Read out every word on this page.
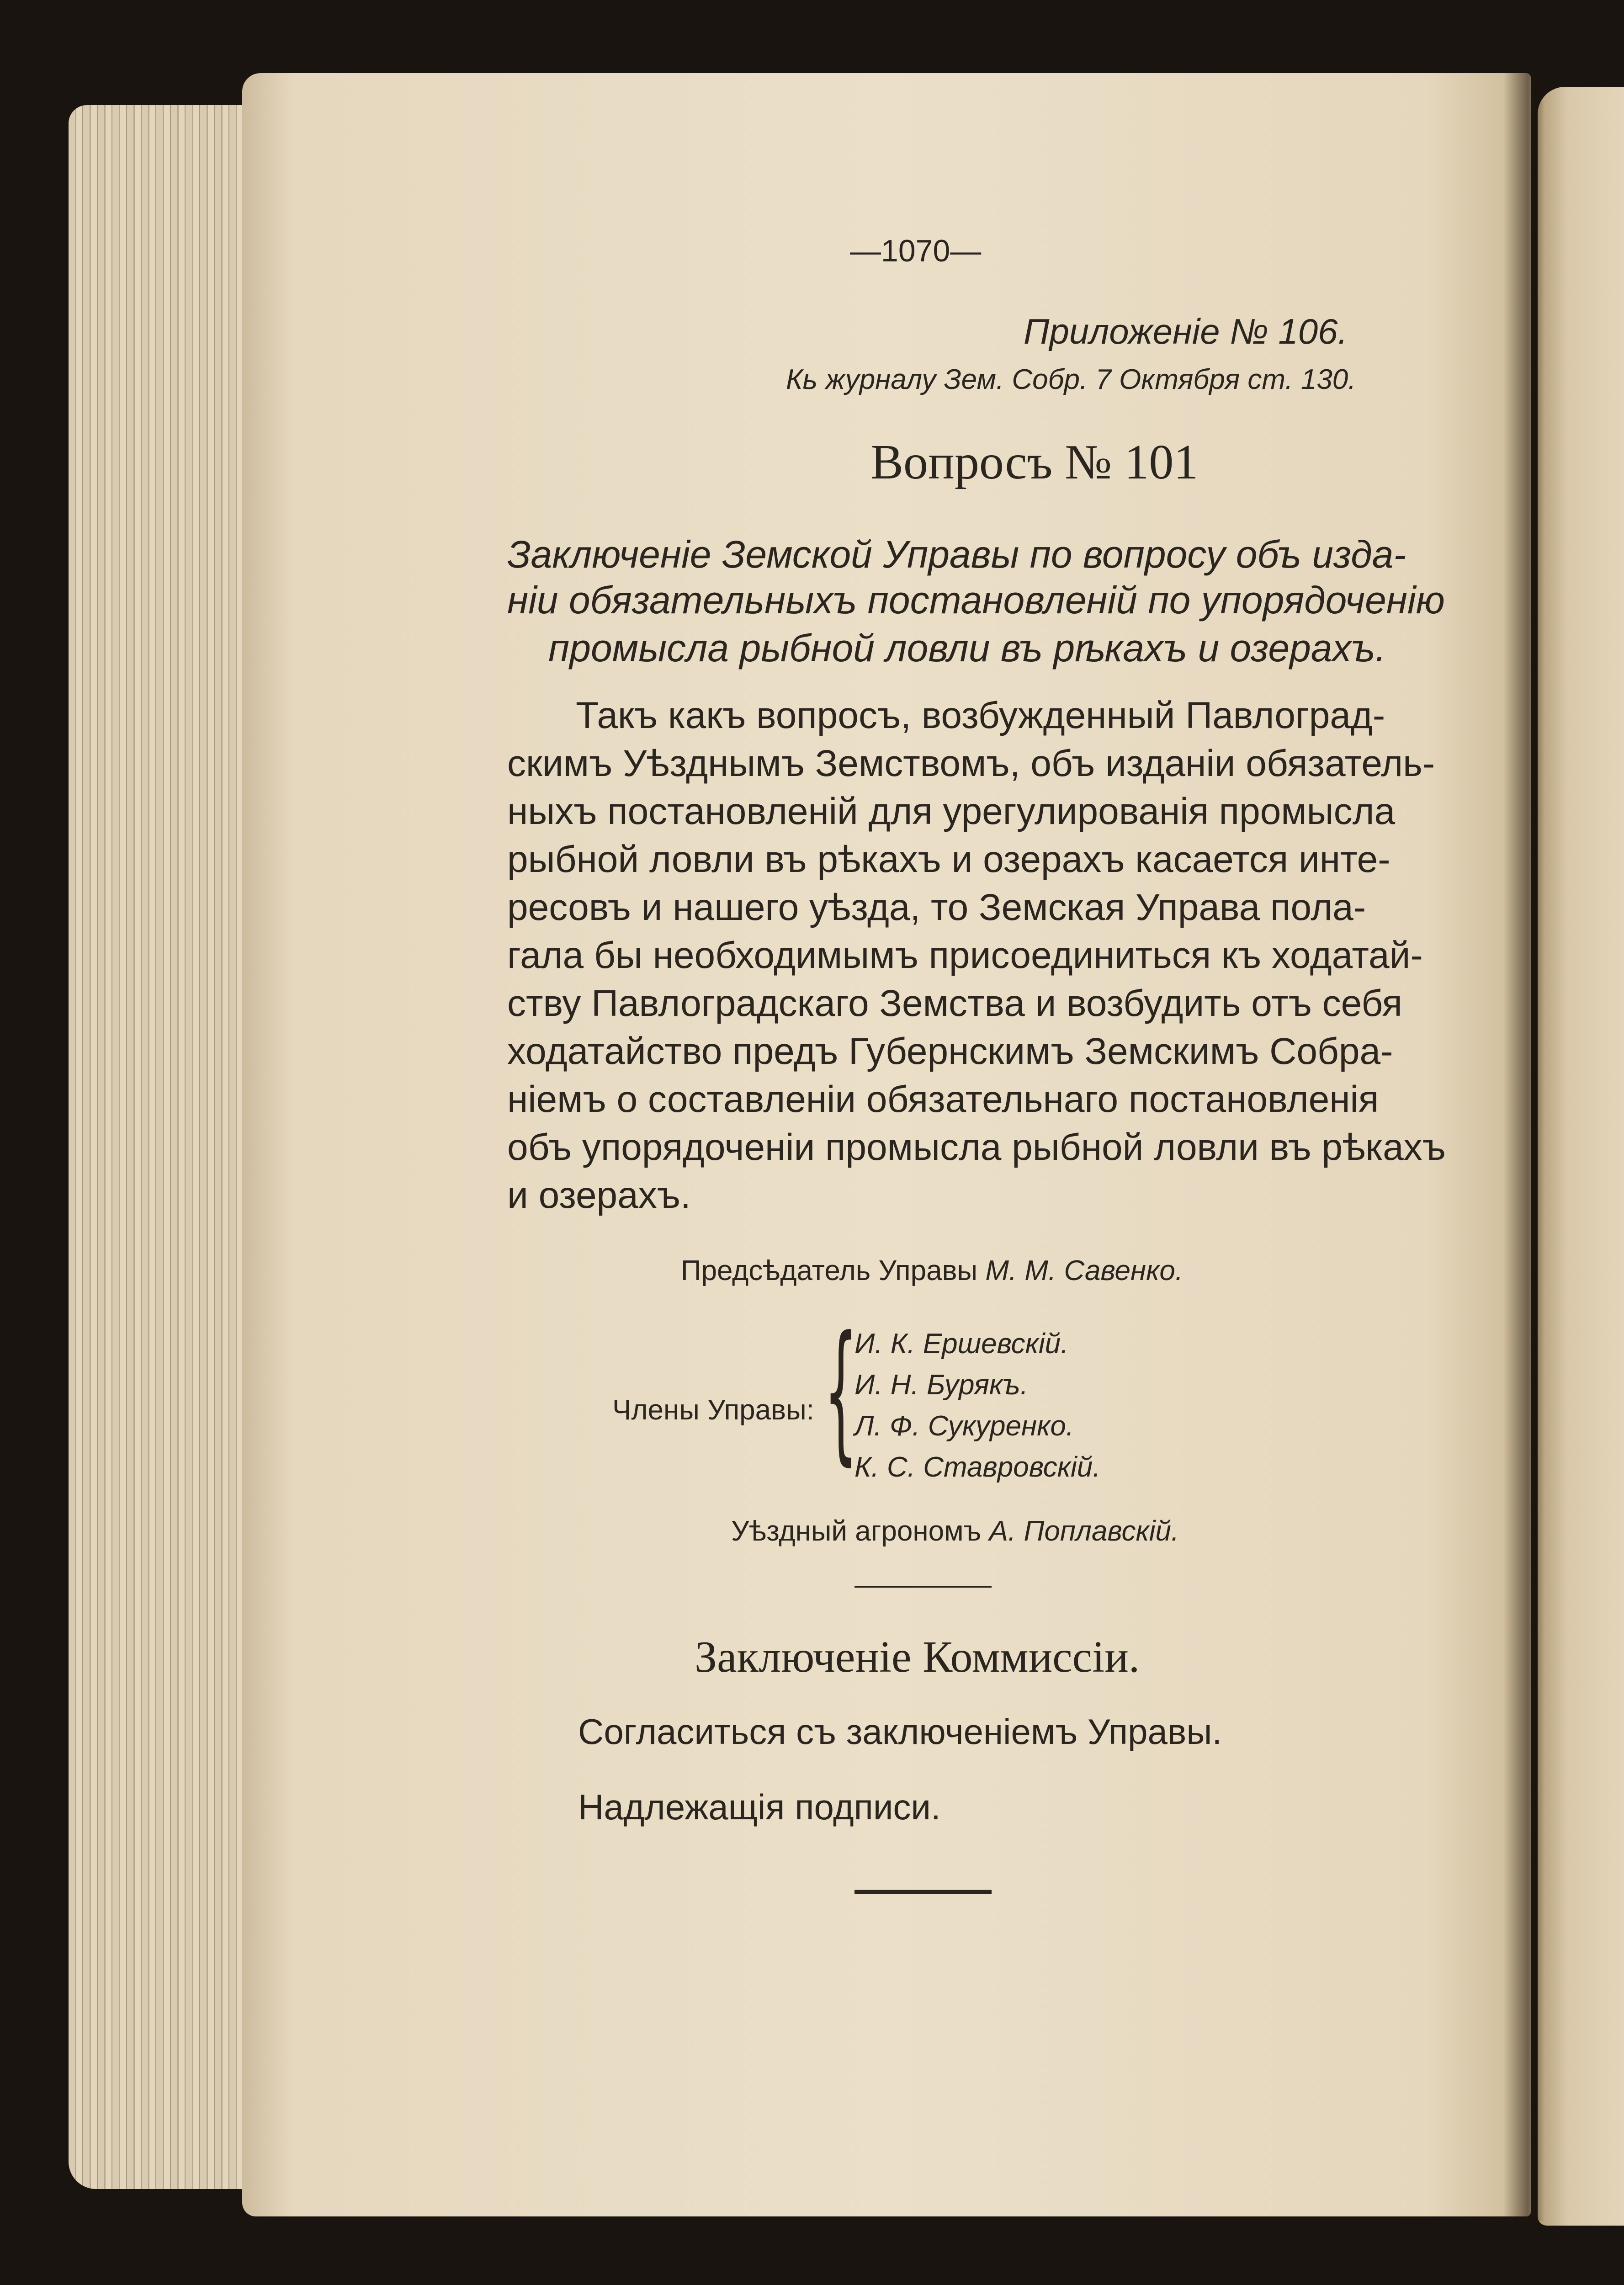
—1070—
Приложеніе № 106.
Кь журналу Зем. Собр. 7 Октября ст. 130.
Вопросъ № 101
Заключеніе Земской Управы по вопросу объ изда-
ніи обязательныхъ постановленій по упорядоченію
промысла рыбной ловли въ рѣкахъ и озерахъ.
Такъ какъ вопросъ, возбужденный Павлоград-
скимъ Уѣзднымъ Земствомъ, объ изданіи обязатель-
ныхъ постановленій для урегулированія промысла
рыбной ловли въ рѣкахъ и озерахъ касается инте-
ресовъ и нашего уѣзда, то Земская Управа пола-
гала бы необходимымъ присоединиться къ ходатай-
ству Павлоградскаго Земства и возбудить отъ себя
ходатайство предъ Губернскимъ Земскимъ Собра-
ніемъ о составленіи обязательнаго постановленія
объ упорядоченіи промысла рыбной ловли въ рѣкахъ
и озерахъ.
Предсѣдатель Управы М. М. Савенко.
Члены Управы: {
И. К. Ершевскій.
И. Н. Бурякъ.
Л. Ф. Сукуренко.
К. С. Ставровскій.
Уѣздный агрономъ А. Поплавскій.
Заключеніе Коммиссіи.
Согласиться съ заключеніемъ Управы.
Надлежащія подписи.
